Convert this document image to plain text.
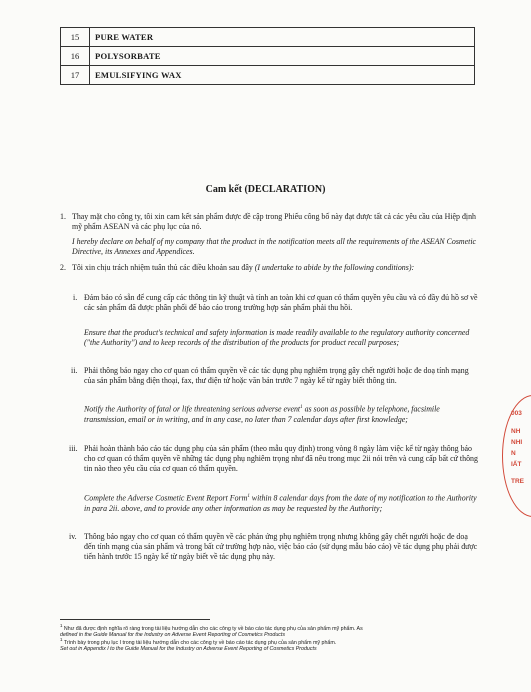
15	PURE WATER
16	POLYSORBATE
17	EMULSIFYING WAX
Cam kết (DECLARATION)
1. Thay mặt cho công ty, tôi xin cam kết sản phẩm được đề cập trong Phiếu công bố này đạt được tất cả các yêu cầu của Hiệp định mỹ phẩm ASEAN và các phụ lục của nó.
I hereby declare on behalf of my company that the product in the notification meets all the requirements of the ASEAN Cosmetic Directive, its Annexes and Appendices.
2. Tôi xin chịu trách nhiệm tuân thủ các điều khoản sau đây (I undertake to abide by the following conditions):
i. Đảm bảo có sẵn để cung cấp các thông tin kỹ thuật và tính an toàn khi cơ quan có thẩm quyền yêu cầu và có đầy đủ hồ sơ về các sản phẩm đã được phân phối để báo cáo trong trường hợp sản phẩm phải thu hồi.
Ensure that the product's technical and safety information is made readily available to the regulatory authority concerned ("the Authority") and to keep records of the distribution of the products for product recall purposes;
ii. Phải thông báo ngay cho cơ quan có thẩm quyền về các tác dụng phụ nghiêm trọng gây chết người hoặc đe doạ tính mạng của sản phẩm bằng điện thoại, fax, thư điện tử hoặc văn bản trước 7 ngày kể từ ngày biết thông tin.
Notify the Authority of fatal or life threatening serious adverse event$^1$ as soon as possible by telephone, facsimile transmission, email or in writing, and in any case, no later than 7 calendar days after first knowledge;
iii. Phải hoàn thành báo cáo tác dụng phụ của sản phẩm (theo mẫu quy định) trong vòng 8 ngày làm việc kể từ ngày thông báo cho cơ quan có thẩm quyền về những tác dụng phụ nghiêm trọng như đã nêu trong mục 2ii nói trên và cung cấp bất cứ thông tin nào theo yêu cầu của cơ quan có thẩm quyền.
Complete the Adverse Cosmetic Event Report Form$^1$ within 8 calendar days from the date of my notification to the Authority in para 2ii. above, and to provide any other information as may be requested by the Authority;
iv. Thông báo ngay cho cơ quan có thẩm quyền về các phản ứng phụ nghiêm trọng nhưng không gây chết người hoặc đe doạ đến tính mạng của sản phẩm và trong bất cứ trường hợp nào, việc báo cáo (sử dụng mẫu báo cáo) về tác dụng phụ phải được tiến hành trước 15 ngày kể từ ngày biết về tác dụng phụ này.
$^1$ Như đã được định nghĩa rõ ràng trong tài liệu hướng dẫn cho các công ty về báo cáo tác dụng phụ của sản phẩm mỹ phẩm. As
defined in the Guide Manual for the Industry on Adverse Event Reporting of Cosmetics Products
$^1$ Trình bày trong phụ lục I trong tài liệu hướng dẫn cho các công ty về báo cáo tác dụng phụ của sản phẩm mỹ phẩm.
Set out in Appendix I to the Guide Manual for the Industry on Adverse Event Reporting of Cosmetics Products
003
NH
NHI
N
IẤT
TRE
